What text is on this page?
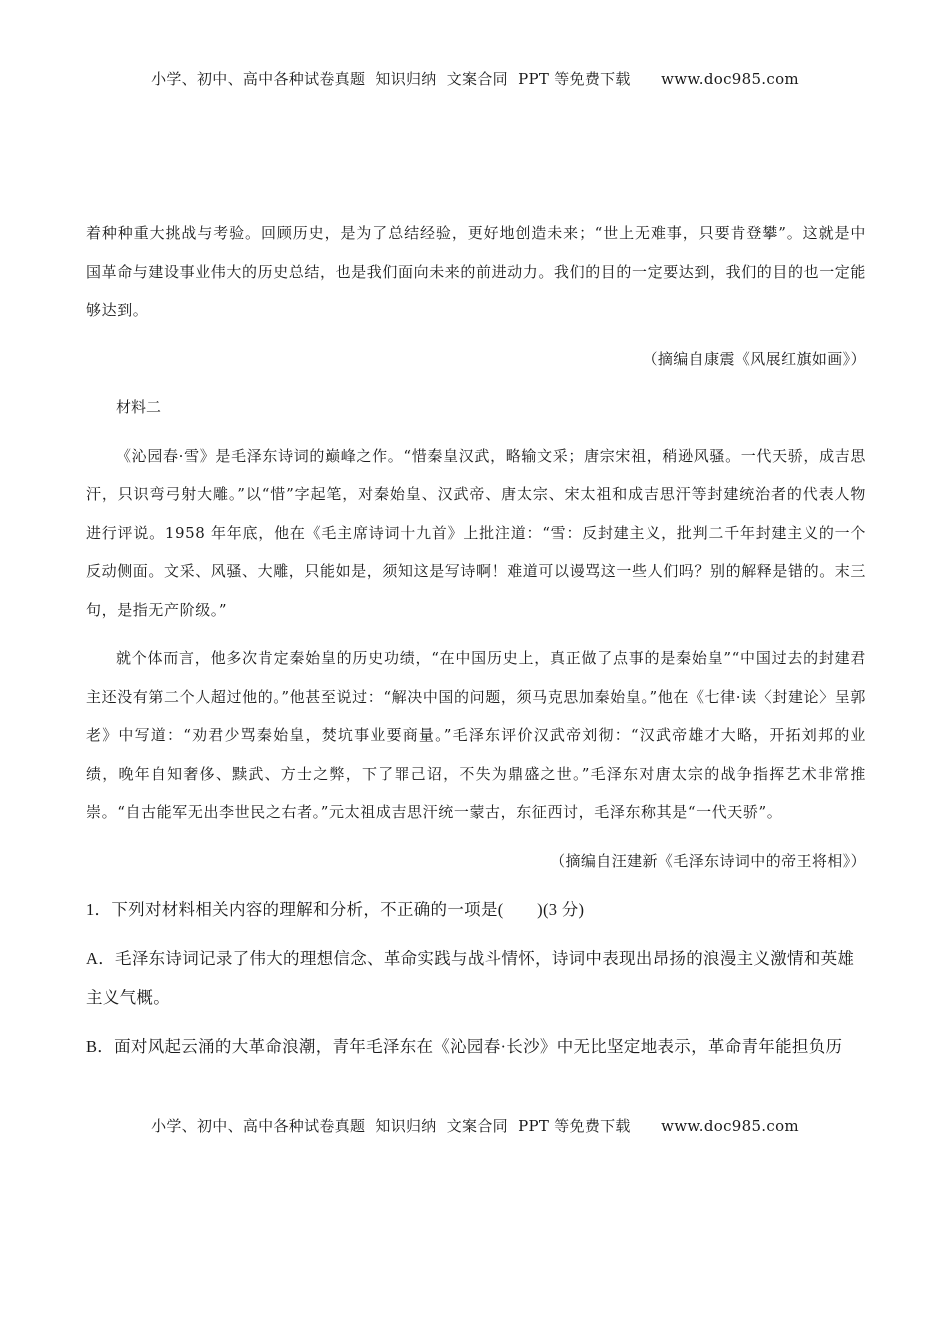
小学、初中、高中各种试卷真题  知识归纳  文案合同  PPT 等免费下载      www.doc985.com

着种种重大挑战与考验。回顾历史，是为了总结经验，更好地创造未来；“世上无难事，只要肯登攀”。这就是中国革命与建设事业伟大的历史总结，也是我们面向未来的前进动力。我们的目的一定要达到，我们的目的也一定能够达到。

（摘编自康震《风展红旗如画》）

材料二

《沁园春·雪》是毛泽东诗词的巅峰之作。“惜秦皇汉武，略输文采；唐宗宋祖，稍逊风骚。一代天骄，成吉思汗，只识弯弓射大雕。”以“惜”字起笔，对秦始皇、汉武帝、唐太宗、宋太祖和成吉思汗等封建统治者的代表人物进行评说。1958 年年底，他在《毛主席诗词十九首》上批注道：“雪：反封建主义，批判二千年封建主义的一个反动侧面。文采、风骚、大雕，只能如是，须知这是写诗啊！难道可以谩骂这一些人们吗？别的解释是错的。末三句，是指无产阶级。”

就个体而言，他多次肯定秦始皇的历史功绩，“在中国历史上，真正做了点事的是秦始皇”“中国过去的封建君主还没有第二个人超过他的。”他甚至说过：“解决中国的问题，须马克思加秦始皇。”他在《七律·读〈封建论〉呈郭老》中写道：“劝君少骂秦始皇，焚坑事业要商量。”毛泽东评价汉武帝刘彻：“汉武帝雄才大略，开拓刘邦的业绩，晚年自知奢侈、黩武、方士之弊，下了罪己诏，不失为鼎盛之世。”毛泽东对唐太宗的战争指挥艺术非常推崇。“自古能军无出李世民之右者。”元太祖成吉思汗统一蒙古，东征西讨，毛泽东称其是“一代天骄”。

（摘编自汪建新《毛泽东诗词中的帝王将相》）

1．下列对材料相关内容的理解和分析，不正确的一项是(　　)(3 分)

A．毛泽东诗词记录了伟大的理想信念、革命实践与战斗情怀，诗词中表现出昂扬的浪漫主义激情和英雄主义气概。

B．面对风起云涌的大革命浪潮，青年毛泽东在《沁园春·长沙》中无比坚定地表示，革命青年能担负历

小学、初中、高中各种试卷真题  知识归纳  文案合同  PPT 等免费下载      www.doc985.com
